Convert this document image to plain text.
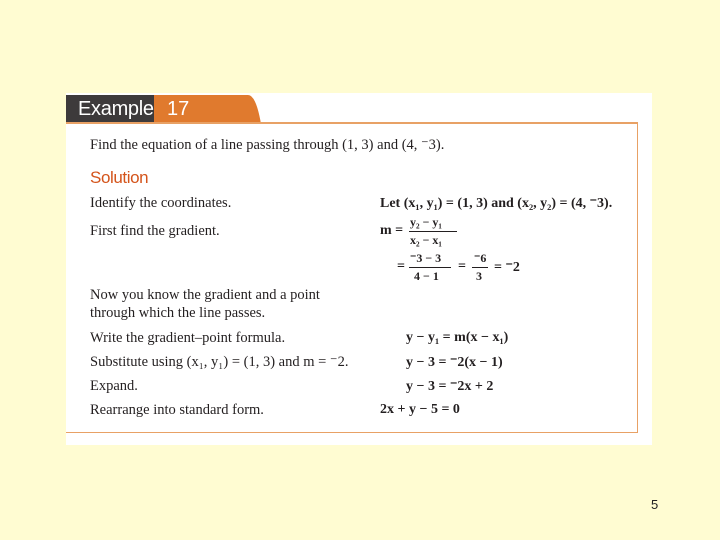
Example 17
Find the equation of a line passing through (1, 3) and (4, ⁻3).
Solution
Identify the coordinates.	Let (x₁, y₁) = (1, 3) and (x₂, y₂) = (4, ⁻3).
First find the gradient.	m =
y₂ − y₁
x₂ − x₁
=
⁻3 − 3
4 − 1
=
⁻6
3
= ⁻2
Now you know the gradient and a point
through which the line passes.
Write the gradient–point formula.	y − y₁ = m(x − x₁)
Substitute using (x₁, y₁) = (1, 3) and m = ⁻2.	y − 3 = ⁻2(x − 1)
Expand.	y − 3 = ⁻2x + 2
Rearrange into standard form.	2x + y − 5 = 0
5
